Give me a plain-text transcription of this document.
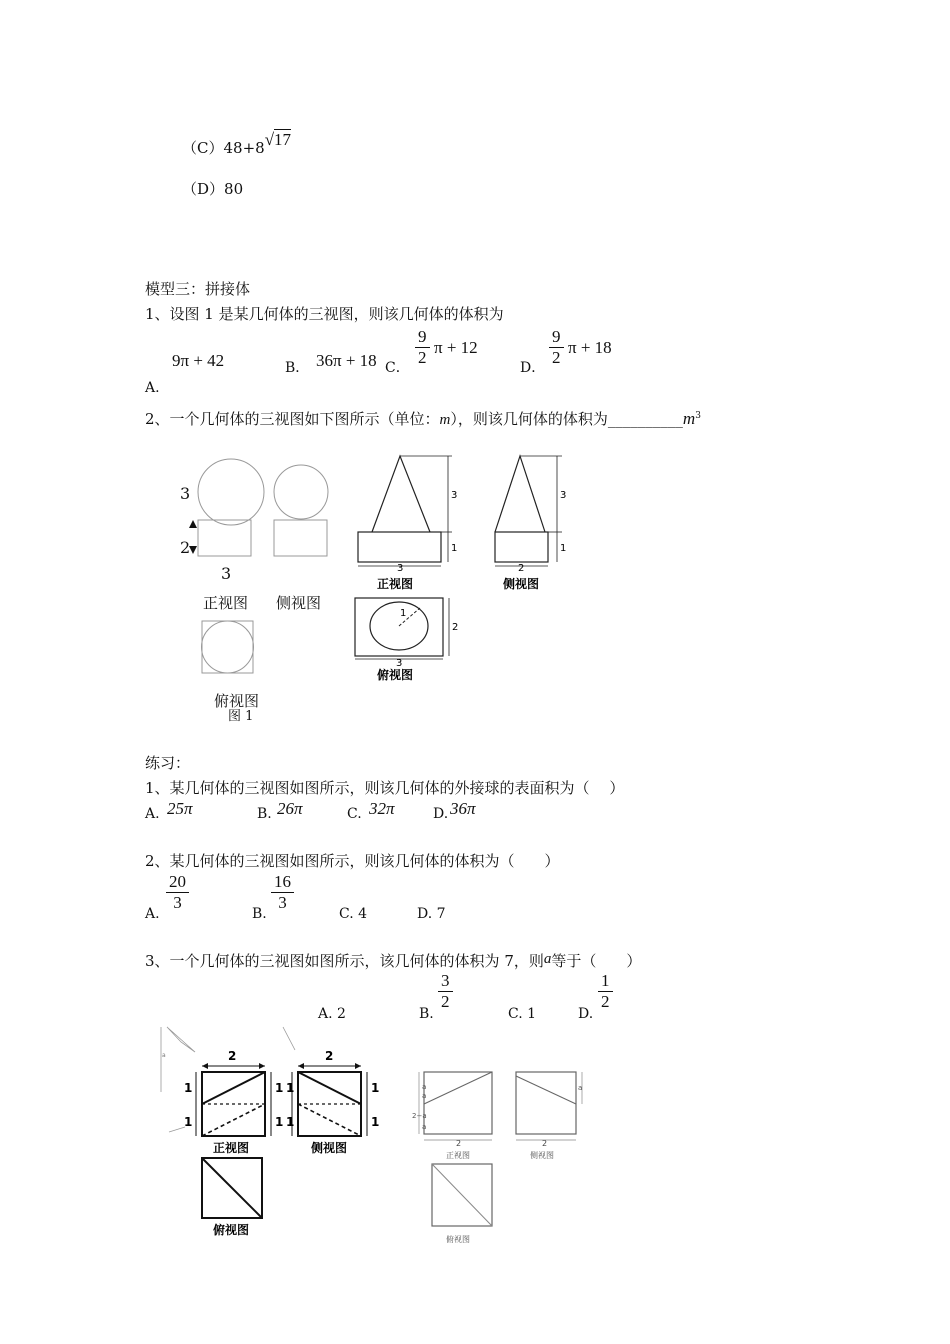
（C）48+8√17
（D）80
模型三：拼接体
1、设图 1 是某几何体的三视图，则该几何体的体积为
9π + 42
A.
B． 36π + 18 C． $\frac{9}{2}$ π + 12
D． $\frac{9}{2}$ π + 18
2、一个几何体的三视图如下图所示（单位：m），则该几何体的体积为$\_\_\_\_\_\_\_\_\_\_m^3$
3
2
3
正视图 侧视图
俯视图
图 1
3
1
3
正视图
3
1
2
侧视图
1
2
3
俯视图
练习：
1、某几何体的三视图如图所示，则该几何体的外接球的表面积为（　 ）
A. 25π	B. 26π	C. 32π	D. 36π
2、某几何体的三视图如图所示，则该几何体的体积为（　　）
A.
$\frac{20}{3}$
B.
$\frac{16}{3}$
C. 4	D. 7
3、一个几何体的三视图如图所示，该几何体的体积为 7，则a等于（　　）
A. 2	B.
$\frac{3}{2}$
C. 1	D.
$\frac{1}{2}$
a	2
1
1
1
1
正视图
2
1
1
1
1
侧视图
俯视图
a
a
2−a
a
2
正视图
a
2
侧视图
俯视图
